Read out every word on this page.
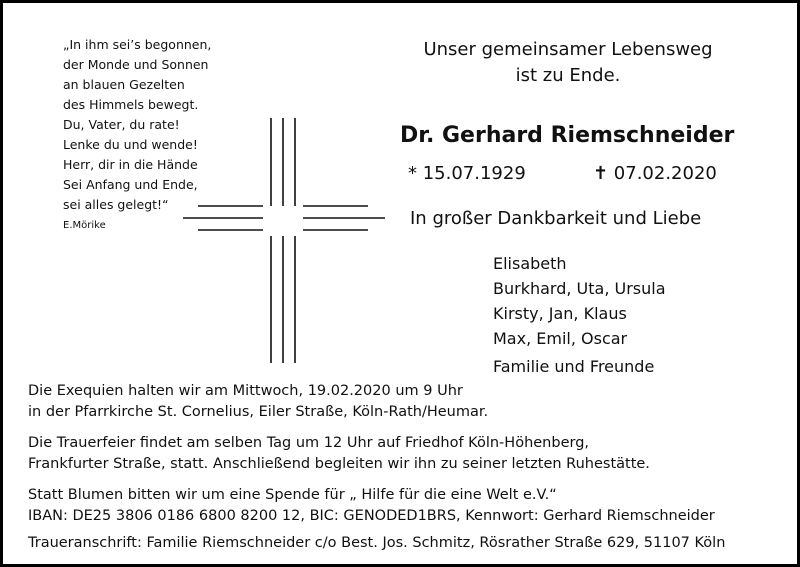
„In ihm sei’s begonnen,
der Monde und Sonnen
an blauen Gezelten
des Himmels bewegt.
Du, Vater, du rate!
Lenke du und wende!
Herr, dir in die Hände
Sei Anfang und Ende,
sei alles gelegt!“
E.Mörike
Unser gemeinsamer Lebensweg
ist zu Ende.
Dr. Gerhard Riemschneider
* 15.07.1929	✝ 07.02.2020
In großer Dankbarkeit und Liebe
Elisabeth
Burkhard, Uta, Ursula
Kirsty, Jan, Klaus
Max, Emil, Oscar
Familie und Freunde
Die Exequien halten wir am Mittwoch, 19.02.2020 um 9 Uhr
in der Pfarrkirche St. Cornelius, Eiler Straße, Köln-Rath/Heumar.
Die Trauerfeier findet am selben Tag um 12 Uhr auf Friedhof Köln-Höhenberg,
Frankfurter Straße, statt. Anschließend begleiten wir ihn zu seiner letzten Ruhestätte.
Statt Blumen bitten wir um eine Spende für „ Hilfe für die eine Welt e.V.“
IBAN: DE25 3806 0186 6800 8200 12, BIC: GENODED1BRS, Kennwort: Gerhard Riemschneider
Traueranschrift: Familie Riemschneider c/o Best. Jos. Schmitz, Rösrather Straße 629, 51107 Köln
